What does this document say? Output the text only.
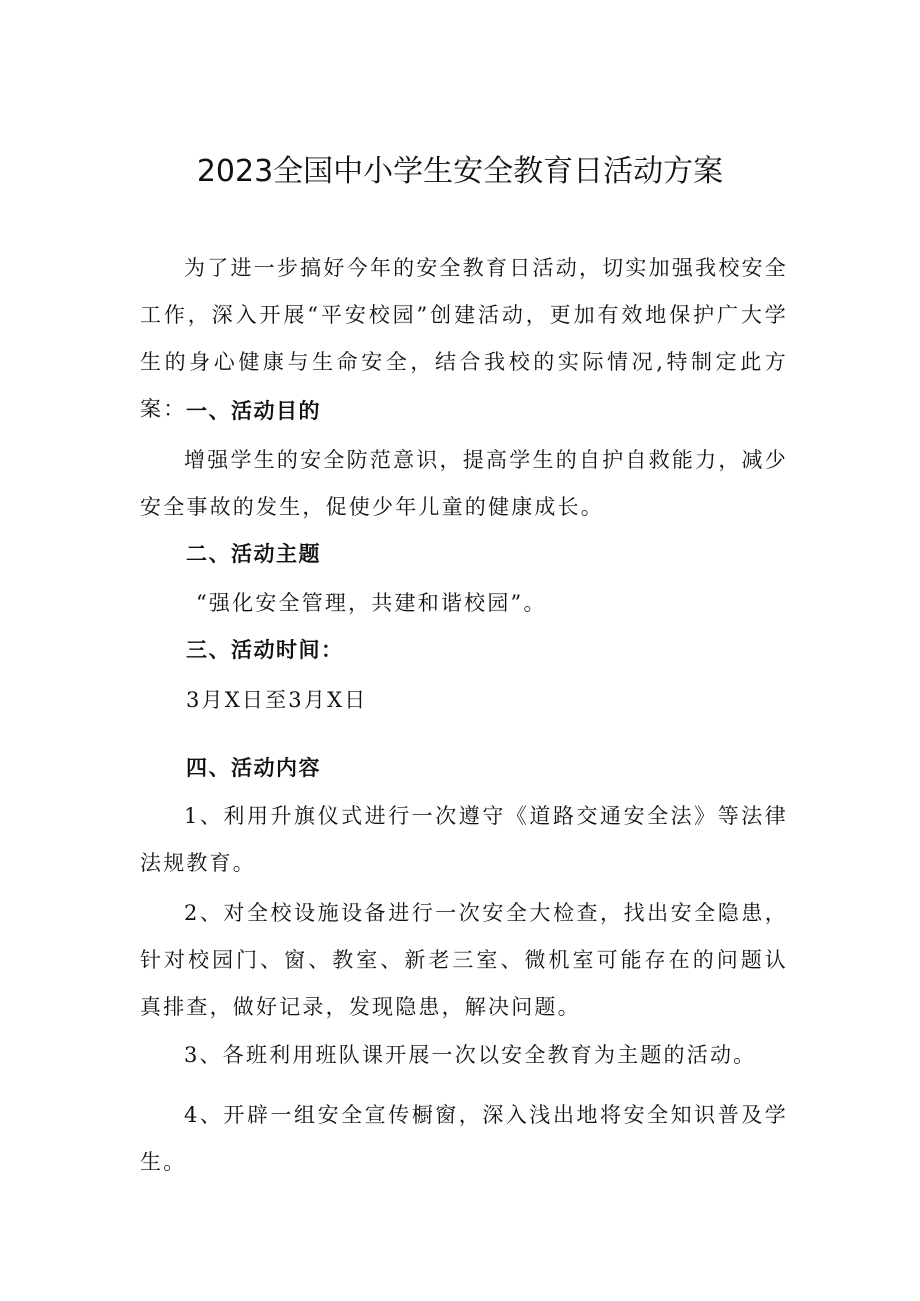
2023全国中小学生安全教育日活动方案

为了进一步搞好今年的安全教育日活动，切实加强我校安全工作，深入开展“平安校园”创建活动，更加有效地保护广大学生的身心健康与生命安全，结合我校的实际情况,特制定此方案： 一、活动目的

增强学生的安全防范意识，提高学生的自护自救能力，减少安全事故的发生，促使少年儿童的健康成长。

二、活动主题

“强化安全管理，共建和谐校园”。

三、活动时间：

3月X日至3月X日

四、活动内容

1、利用升旗仪式进行一次遵守《道路交通安全法》等法律法规教育。

2、对全校设施设备进行一次安全大检查，找出安全隐患，针对校园门、窗、教室、新老三室、微机室可能存在的问题认真排查，做好记录，发现隐患，解决问题。

3、各班利用班队课开展一次以安全教育为主题的活动。

4、开辟一组安全宣传橱窗，深入浅出地将安全知识普及学生。
